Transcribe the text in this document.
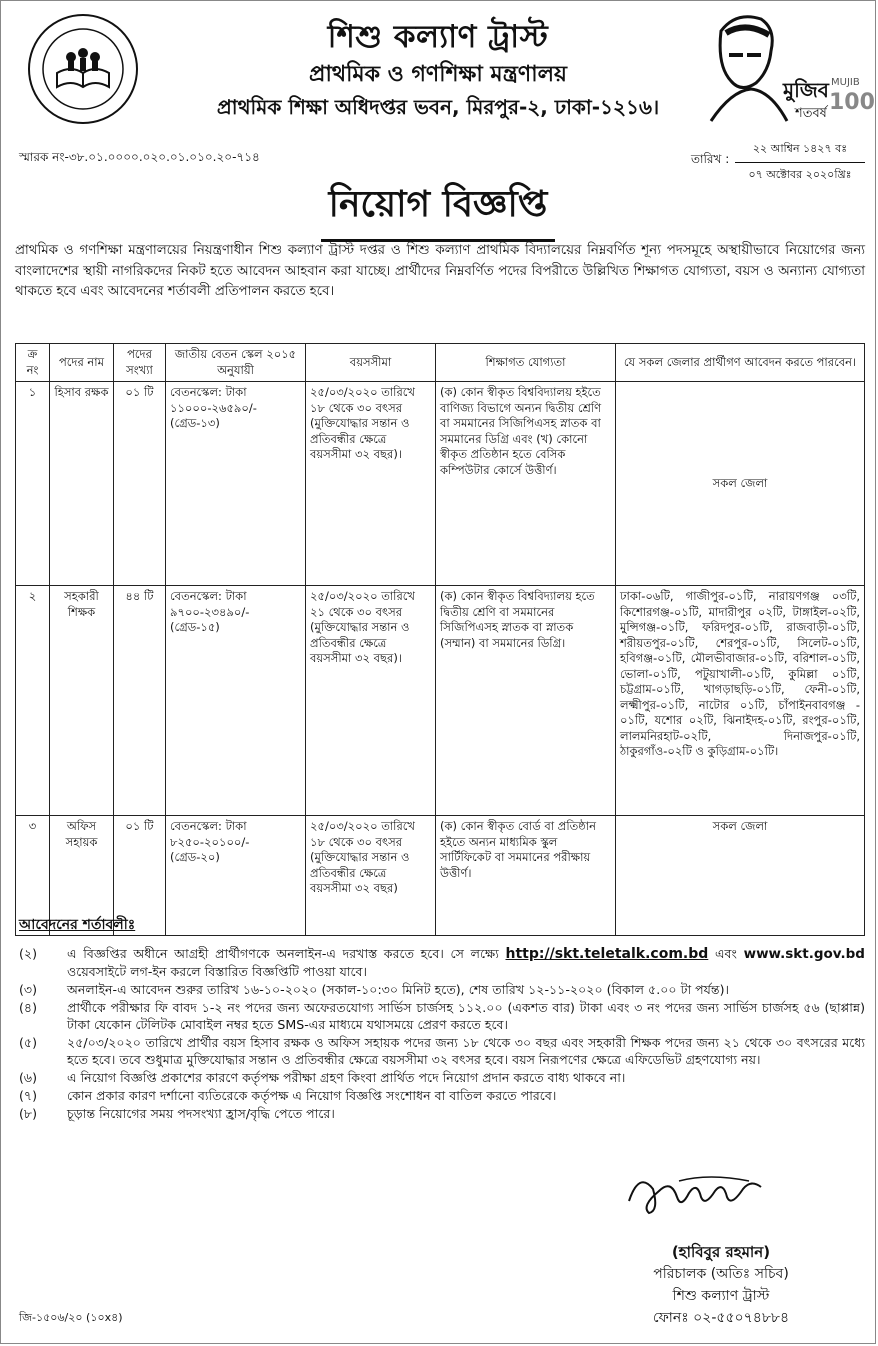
মুজিব
শতবর্ষ
MUJIB
100
শিশু কল্যাণ ট্রাস্ট
প্রাথমিক ও গণশিক্ষা মন্ত্রণালয়
প্রাথমিক শিক্ষা অধিদপ্তর ভবন, মিরপুর-২, ঢাকা-১২১৬।
স্মারক নং-৩৮.০১.০০০০.০২০.০১.০১০.২০-৭১৪	তারিখ :
২২ আশ্বিন ১৪২৭ বঃ
০৭ অক্টোবর ২০২০খ্রিঃ
নিয়োগ বিজ্ঞপ্তি
প্রাথমিক ও গণশিক্ষা মন্ত্রণালয়ের নিয়ন্ত্রণাধীন শিশু কল্যাণ ট্রাস্ট দপ্তর ও শিশু কল্যাণ প্রাথমিক বিদ্যালয়ের নিম্নবর্ণিত শূন্য পদসমূহে অস্থায়ীভাবে নিয়োগের জন্য বাংলাদেশের স্থায়ী নাগরিকদের নিকট হতে আবেদন আহবান করা যাচ্ছে। প্রার্থীদের নিম্নবর্ণিত পদের বিপরীতে উল্লিখিত শিক্ষাগত যোগ্যতা, বয়স ও অন্যান্য যোগ্যতা থাকতে হবে এবং আবেদনের শর্তাবলী প্রতিপালন করতে হবে।
ক্র নং	পদের নাম	পদের সংখ্যা	জাতীয় বেতন স্কেল ২০১৫ অনুযায়ী	বয়সসীমা	শিক্ষাগত যোগ্যতা	যে সকল জেলার প্রার্থীগণ আবেদন করতে পারবেন।
১	হিসাব রক্ষক	০১ টি	বেতনস্কেল: টাকা ১১০০০-২৬৫৯০/- (গ্রেড-১৩)	২৫/০৩/২০২০ তারিখে ১৮ থেকে ৩০ বৎসর (মুক্তিযোদ্ধার সন্তান ও প্রতিবন্ধীর ক্ষেত্রে বয়সসীমা ৩২ বছর)।	(ক) কোন স্বীকৃত বিশ্ববিদ্যালয় হইতে বাণিজ্য বিভাগে অন্যন দ্বিতীয় শ্রেণি বা সমমানের সিজিপিএসহ স্নাতক বা সমমানের ডিগ্রি এবং (খ) কোনো স্বীকৃত প্রতিষ্ঠান হতে বেসিক কম্পিউটার কোর্সে উত্তীর্ণ।	সকল জেলা
২	সহকারী শিক্ষক	৪৪ টি	বেতনস্কেল: টাকা ৯৭০০-২৩৪৯০/- (গ্রেড-১৫)	২৫/০৩/২০২০ তারিখে ২১ থেকে ৩০ বৎসর (মুক্তিযোদ্ধার সন্তান ও প্রতিবন্ধীর ক্ষেত্রে বয়সসীমা ৩২ বছর)।	(ক) কোন স্বীকৃত বিশ্ববিদ্যালয় হতে দ্বিতীয় শ্রেণি বা সমমানের সিজিপিএসহ স্নাতক বা স্নাতক (সম্মান) বা সমমানের ডিগ্রি।	ঢাকা-০৬টি, গাজীপুর-০১টি, নারায়ণগঞ্জ ০৩টি, কিশোরগঞ্জ-০১টি, মাদারীপুর ০২টি, টাঙ্গাইল-০২টি, মুন্সিগঞ্জ-০১টি, ফরিদপুর-০১টি, রাজবাড়ী-০১টি, শরীয়তপুর-০১টি, শেরপুর-০১টি, সিলেট-০১টি, হবিগঞ্জ-০১টি, মৌলভীবাজার-০১টি, বরিশাল-০১টি, ভোলা-০১টি, পটুয়াখালী-০১টি, কুমিল্লা ০১টি, চট্টগ্রাম-০১টি, খাগড়াছড়ি-০১টি, ফেনী-০১টি, লক্ষ্মীপুর-০১টি, নাটোর ০১টি, চাঁপাইনবাবগঞ্জ - ০১টি, যশোর ০২টি, ঝিনাইদহ-০১টি, রংপুর-০১টি, লালমনিরহাট-০২টি, দিনাজপুর-০১টি, ঠাকুরগাঁও-০২টি ও কুড়িগ্রাম-০১টি।
৩	অফিস সহায়ক	০১ টি	বেতনস্কেল: টাকা ৮২৫০-২০১০০/- (গ্রেড-২০)	২৫/০৩/২০২০ তারিখে ১৮ থেকে ৩০ বৎসর (মুক্তিযোদ্ধার সন্তান ও প্রতিবন্ধীর ক্ষেত্রে বয়সসীমা ৩২ বছর)	(ক) কোন স্বীকৃত বোর্ড বা প্রতিষ্ঠান হইতে অন্যন মাধ্যমিক স্কুল সার্টিফিকেট বা সমমানের পরীক্ষায় উত্তীর্ণ।	সকল জেলা
আবেদনের শর্তাবলীঃ
(২)	এ বিজ্ঞপ্তির অধীনে আগ্রহী প্রার্থীগণকে অনলাইন-এ দরখাস্ত করতে হবে। সে লক্ষ্যে http://skt.teletalk.com.bd এবং www.skt.gov.bd ওয়েবসাইটে লগ-ইন করলে বিস্তারিত বিজ্ঞপ্তিটি পাওয়া যাবে।
(৩)	অনলাইন-এ আবেদন শুরুর তারিখ ১৬-১০-২০২০ (সকাল-১০:৩০ মিনিট হতে), শেষ তারিখ ১২-১১-২০২০ (বিকাল ৫.০০ টা পর্যন্ত)।
(৪)	প্রার্থীকে পরীক্ষার ফি বাবদ ১-২ নং পদের জন্য অফেরতযোগ্য সার্ভিস চার্জসহ ১১২.০০ (একশত বার) টাকা এবং ৩ নং পদের জন্য সার্ভিস চার্জসহ ৫৬ (ছাপ্পান্ন) টাকা যেকোন টেলিটক মোবাইল নম্বর হতে SMS-এর মাধ্যমে যথাসময়ে প্রেরণ করতে হবে।
(৫)	২৫/০৩/২০২০ তারিখে প্রার্থীর বয়স হিসাব রক্ষক ও অফিস সহায়ক পদের জন্য ১৮ থেকে ৩০ বছর এবং সহকারী শিক্ষক পদের জন্য ২১ থেকে ৩০ বৎসরের মধ্যে হতে হবে। তবে শুধুমাত্র মুক্তিযোদ্ধার সন্তান ও প্রতিবন্ধীর ক্ষেত্রে বয়সসীমা ৩২ বৎসর হবে। বয়স নিরূপণের ক্ষেত্রে এফিডেভিট গ্রহণযোগ্য নয়।
(৬)	এ নিয়োগ বিজ্ঞপ্তি প্রকাশের কারণে কর্তৃপক্ষ পরীক্ষা গ্রহণ কিংবা প্রার্থিত পদে নিয়োগ প্রদান করতে বাধ্য থাকবে না।
(৭)	কোন প্রকার কারণ দর্শানো ব্যতিরেকে কর্তৃপক্ষ এ নিয়োগ বিজ্ঞপ্তি সংশোধন বা বাতিল করতে পারবে।
(৮)	চূড়ান্ত নিয়োগের সময় পদসংখ্যা হ্রাস/বৃদ্ধি পেতে পারে।
(হাবিবুর রহমান)
পরিচালক (অতিঃ সচিব)
শিশু কল্যাণ ট্রাস্ট
ফোনঃ ০২-৫৫০৭৪৮৮৪
জি-১৫০৬/২০ (১০x৪)
